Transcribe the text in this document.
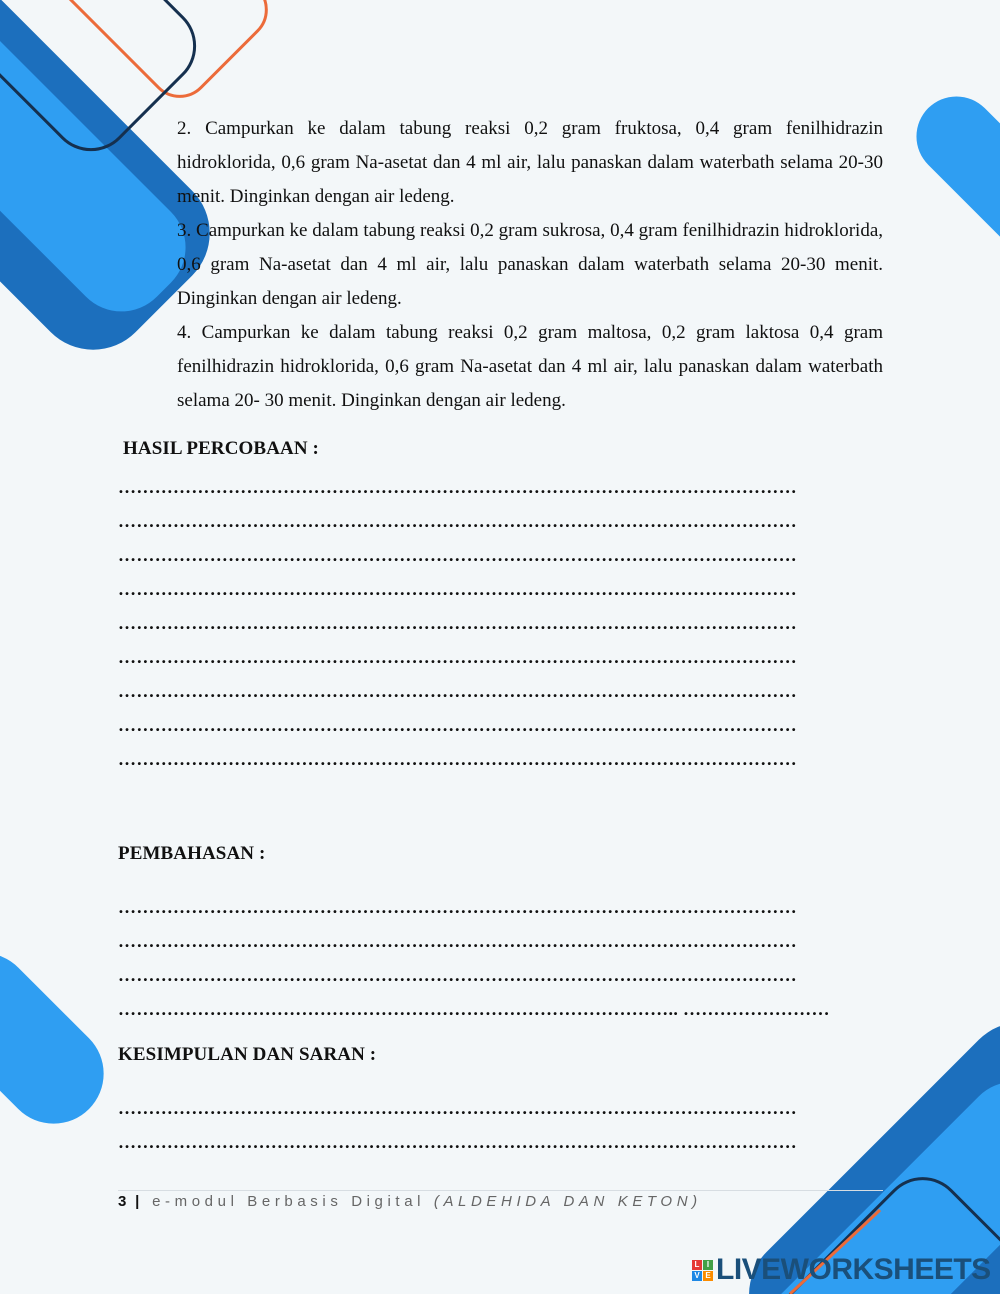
2. Campurkan ke dalam tabung reaksi 0,2 gram fruktosa, 0,4 gram fenilhidrazin hidroklorida, 0,6 gram Na-asetat dan 4 ml air, lalu panaskan dalam waterbath selama 20-30 menit. Dinginkan dengan air ledeng.

3. Campurkan ke dalam tabung reaksi 0,2 gram sukrosa, 0,4 gram fenilhidrazin hidroklorida, 0,6 gram Na-asetat dan 4 ml air, lalu panaskan dalam waterbath selama 20-30 menit. Dinginkan dengan air ledeng.

4. Campurkan ke dalam tabung reaksi 0,2 gram maltosa, 0,2 gram laktosa 0,4 gram fenilhidrazin hidroklorida, 0,6 gram Na-asetat dan 4 ml air, lalu panaskan dalam waterbath selama 20- 30 menit. Dinginkan dengan air ledeng.

HASIL PERCOBAAN :
…………………………………………………………………………………………………
…………………………………………………………………………………………………
…………………………………………………………………………………………………
…………………………………………………………………………………………………
…………………………………………………………………………………………………
…………………………………………………………………………………………………
…………………………………………………………………………………………………
…………………………………………………………………………………………………
…………………………………………………………………………………………………
PEMBAHASAN :
…………………………………………………………………………………………………
…………………………………………………………………………………………………
…………………………………………………………………………………………………
……………………………………………………………………………….. ……………………
KESIMPULAN DAN SARAN :
…………………………………………………………………………………………………
…………………………………………………………………………………………………
3 | e-modul Berbasis Digital (ALDEHIDA DAN KETON)
L I
V E LIVEWORKSHEETS
